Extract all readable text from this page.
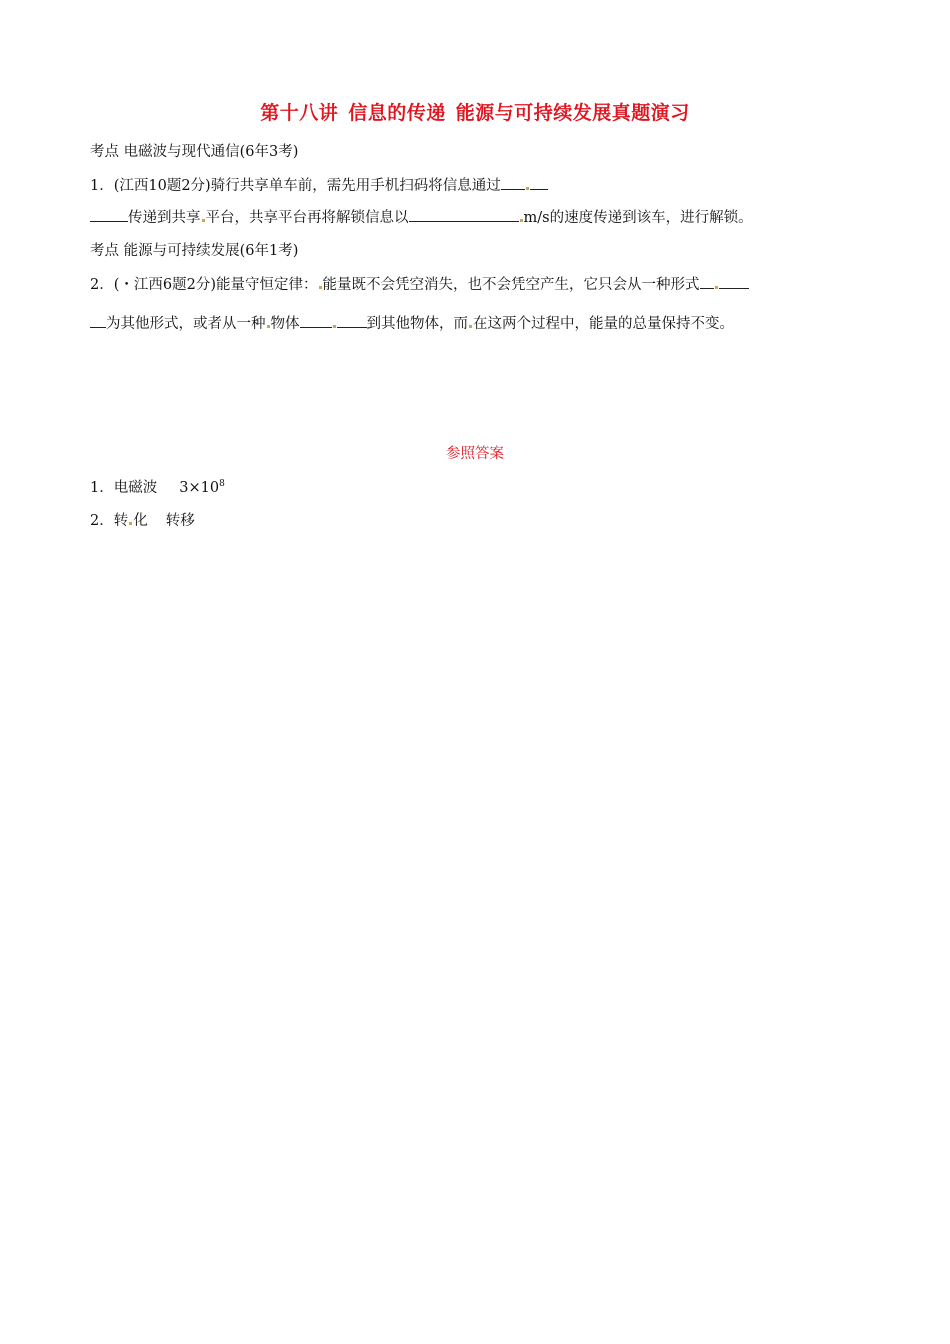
第十八讲 信息的传递 能源与可持续发展真题演习
考点 电磁波与现代通信(6年3考)
1．(江西10题2分)骑行共享单车前，需先用手机扫码将信息通过
传递到共享 平台，共享平台再将解锁信息以	m/s的速度传递到该车，进行解锁。
考点 能源与可持续发展(6年1考)
2．(・江西6题2分)能量守恒定律： 能量既不会凭空消失，也不会凭空产生，它只会从一种形式
为其他形式，或者从一种 物体	到其他物体，而 在这两个过程中，能量的总量保持不变。
参照答案
1．电磁波 $3\times 10^8$
2．转 化 转移
